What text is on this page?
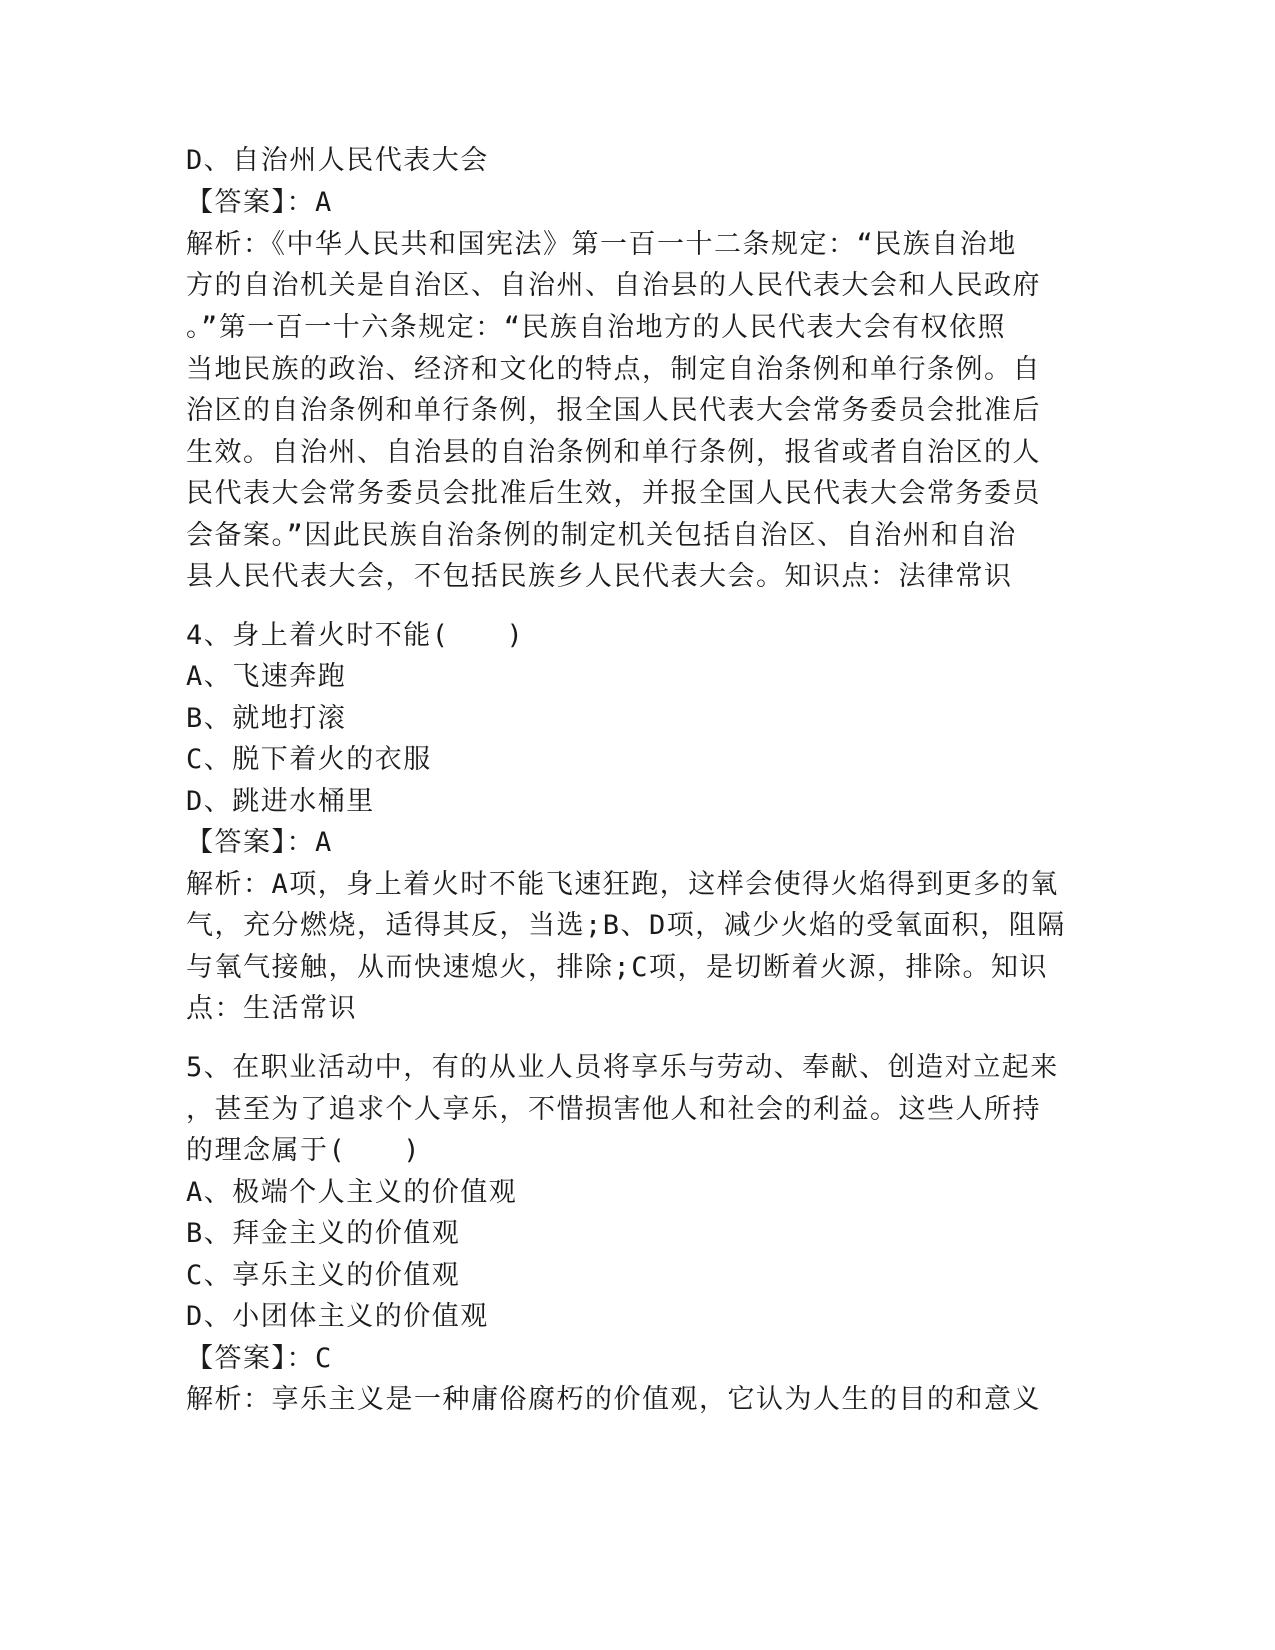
D、自治州人民代表大会
【答案】：A
解析：《中华人民共和国宪法》第一百一十二条规定：“民族自治地
方的自治机关是自治区、自治州、自治县的人民代表大会和人民政府
。”第一百一十六条规定：“民族自治地方的人民代表大会有权依照
当地民族的政治、经济和文化的特点，制定自治条例和单行条例。自
治区的自治条例和单行条例，报全国人民代表大会常务委员会批准后
生效。自治州、自治县的自治条例和单行条例，报省或者自治区的人
民代表大会常务委员会批准后生效，并报全国人民代表大会常务委员
会备案。”因此民族自治条例的制定机关包括自治区、自治州和自治
县人民代表大会，不包括民族乡人民代表大会。知识点：法律常识
4、身上着火时不能(　　)
A、飞速奔跑
B、就地打滚
C、脱下着火的衣服
D、跳进水桶里
【答案】：A
解析：A项，身上着火时不能飞速狂跑，这样会使得火焰得到更多的氧
气，充分燃烧，适得其反，当选;B、D项，减少火焰的受氧面积，阻隔
与氧气接触，从而快速熄火，排除;C项，是切断着火源，排除。知识
点：生活常识
5、在职业活动中，有的从业人员将享乐与劳动、奉献、创造对立起来
，甚至为了追求个人享乐，不惜损害他人和社会的利益。这些人所持
的理念属于(　　)
A、极端个人主义的价值观
B、拜金主义的价值观
C、享乐主义的价值观
D、小团体主义的价值观
【答案】：C
解析：享乐主义是一种庸俗腐朽的价值观，它认为人生的目的和意义
